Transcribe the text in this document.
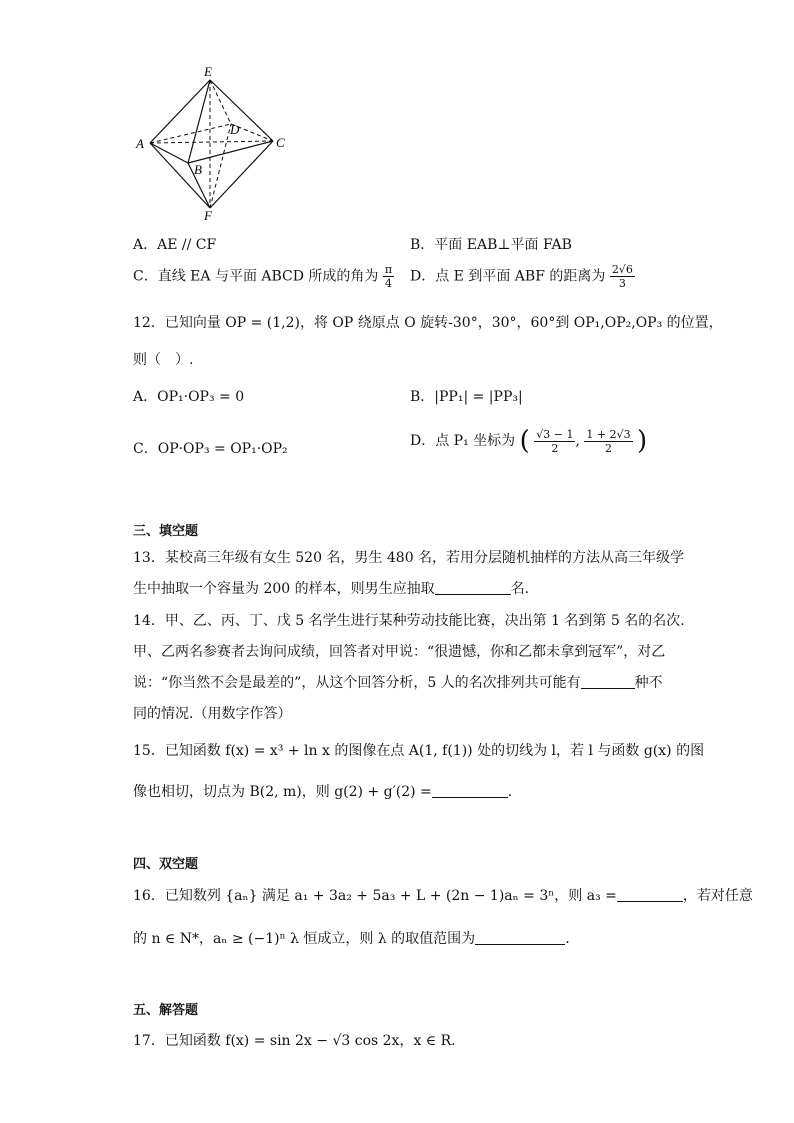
E
D
A	C
B
F
A．AE // CF	B．平面 EAB⊥平面 FAB
C．直线 EA 与平面 ABCD 所成的角为 $\frac{\pi}{4}$ D．点 E 到平面 ABF 的距离为 $\frac{2√6}{3}$
12．已知向量 OP = (1,2)，将 OP 绕原点 O 旋转-30°，30°，60°到 OP₁,OP₂,OP₃ 的位置，
则（　）.
A．OP₁·OP₃ = 0	B．|PP₁| = |PP₃|
C．OP·OP₃ = OP₁·OP₂	D．点 P₁ 坐标为 ( $\frac{√3 - 1}{2}$ , $\frac{1 + 2√3}{2}$ )
三、填空题
13．某校高三年级有女生 520 名，男生 480 名，若用分层随机抽样的方法从高三年级学
生中抽取一个容量为 200 的样本，则男生应抽取	名.
14．甲、乙、丙、丁、戊 5 名学生进行某种劳动技能比赛，决出第 1 名到第 5 名的名次.
甲、乙两名参赛者去询问成绩，回答者对甲说：“很遗憾，你和乙都未拿到冠军”，对乙
说：“你当然不会是最差的”，从这个回答分析，5 人的名次排列共可能有	种不
同的情况.（用数字作答）
15．已知函数 f(x) = x³ + ln x 的图像在点 A(1, f(1)) 处的切线为 l，若 l 与函数 g(x) 的图
像也相切，切点为 B(2, m)，则 g(2) + g′(2) =	.
四、双空题
16．已知数列 {aₙ} 满足 a₁ + 3a₂ + 5a₃ + L + (2n − 1)aₙ = 3ⁿ，则 a₃ =	，若对任意
的 n ∈ N*，aₙ ≥ (−1)ⁿ λ 恒成立，则 λ 的取值范围为	.
五、解答题
17．已知函数 f(x) = sin 2x − √3 cos 2x，x ∈ R.
